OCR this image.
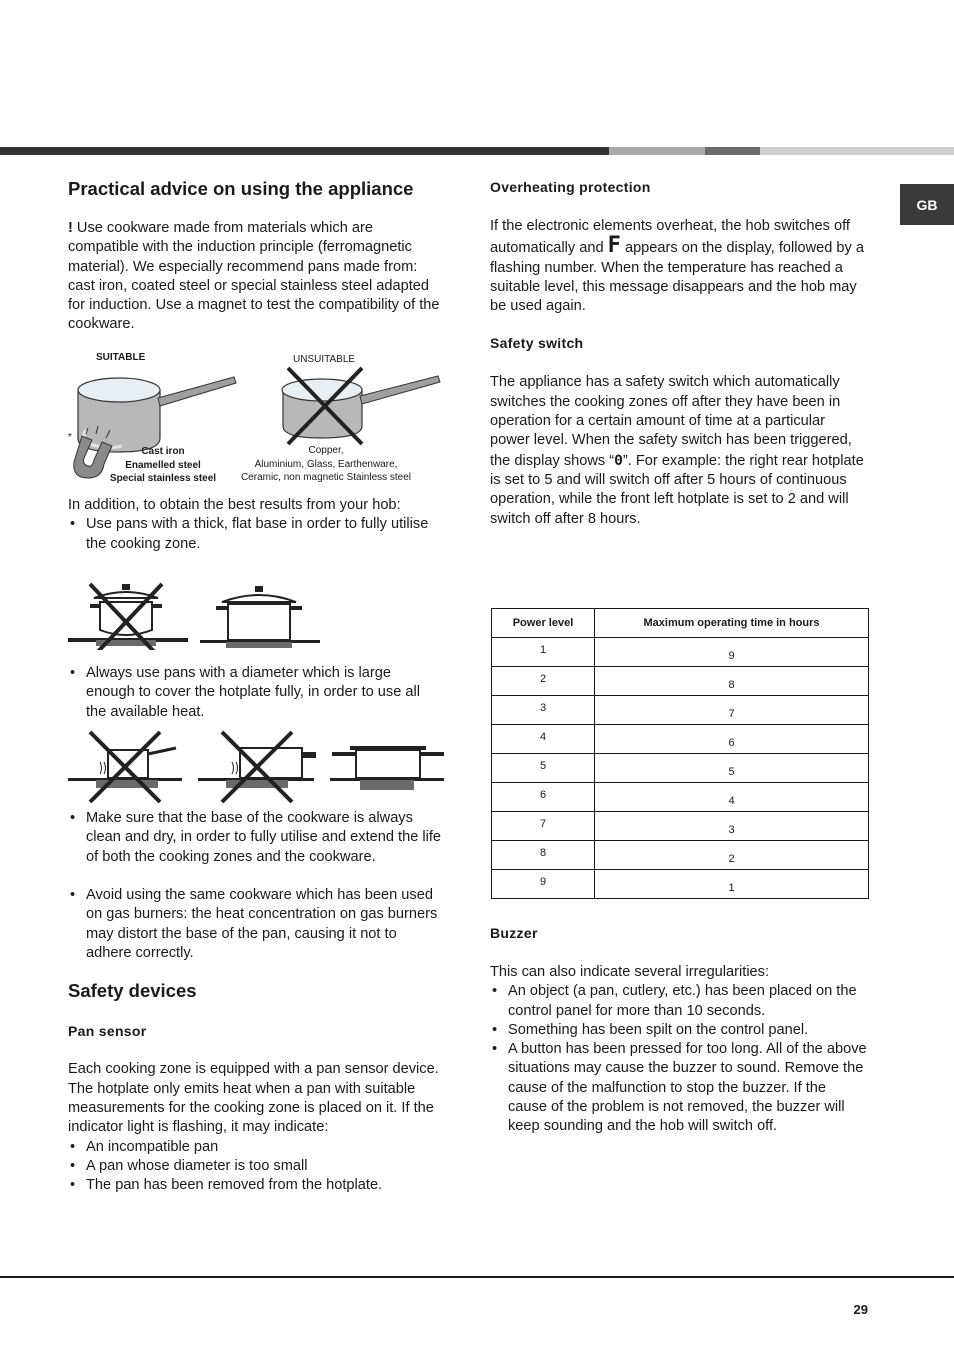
GB
Practical advice on using the appliance

! Use cookware made from materials which are compatible with the induction principle (ferromagnetic material). We especially recommend pans made from: cast iron, coated steel or special stainless steel adapted for induction. Use a magnet to test the compatibility of the cookware.

SUITABLE	UNSUITABLE
*
Cast iron
Enamelled steel
Special stainless steel
Copper,
Aluminium, Glass, Earthenware,
Ceramic, non magnetic Stainless steel

In addition, to obtain the best results from your hob:

• Use pans with a thick, flat base in order to fully utilise the cooking zone.
• Always use pans with a diameter which is large enough to cover the hotplate fully, in order to use all the available heat.
• Make sure that the base of the cookware is always clean and dry, in order to fully utilise and extend the life of both the cooking zones and the cookware.
• Avoid using the same cookware which has been used on gas burners: the heat concentration on gas burners may distort the base of the pan, causing it not to adhere correctly.
Safety devices
Pan sensor

Each cooking zone is equipped with a pan sensor device. The hotplate only emits heat when a pan with suitable measurements for the cooking zone is placed on it. If the indicator light is flashing, it may indicate:

• An incompatible pan
• A pan whose diameter is too small
• The pan has been removed from the hotplate.
Overheating protection

If the electronic elements overheat, the hob switches off automatically and F appears on the display, followed by a flashing number. When the temperature has reached a suitable level, this message disappears and the hob may be used again.

Safety switch

The appliance has a safety switch which automatically switches the cooking zones off after they have been in operation for a certain amount of time at a particular power level. When the safety switch has been triggered, the display shows “0”. For example: the right rear hotplate is set to 5 and will switch off after 5 hours of continuous operation, while the front left hotplate is set to 2 and will switch off after 8 hours.

Power level	Maximum operating time in hours
1	9
2	8
3	7
4	6
5	5
6	4
7	3
8	2
9	1
Buzzer

This can also indicate several irregularities:

• An object (a pan, cutlery, etc.) has been placed on the control panel for more than 10 seconds.
• Something has been spilt on the control panel.
• A button has been pressed for too long. All of the above situations may cause the buzzer to sound. Remove the cause of the malfunction to stop the buzzer. If the cause of the problem is not removed, the buzzer will keep sounding and the hob will switch off.
29
